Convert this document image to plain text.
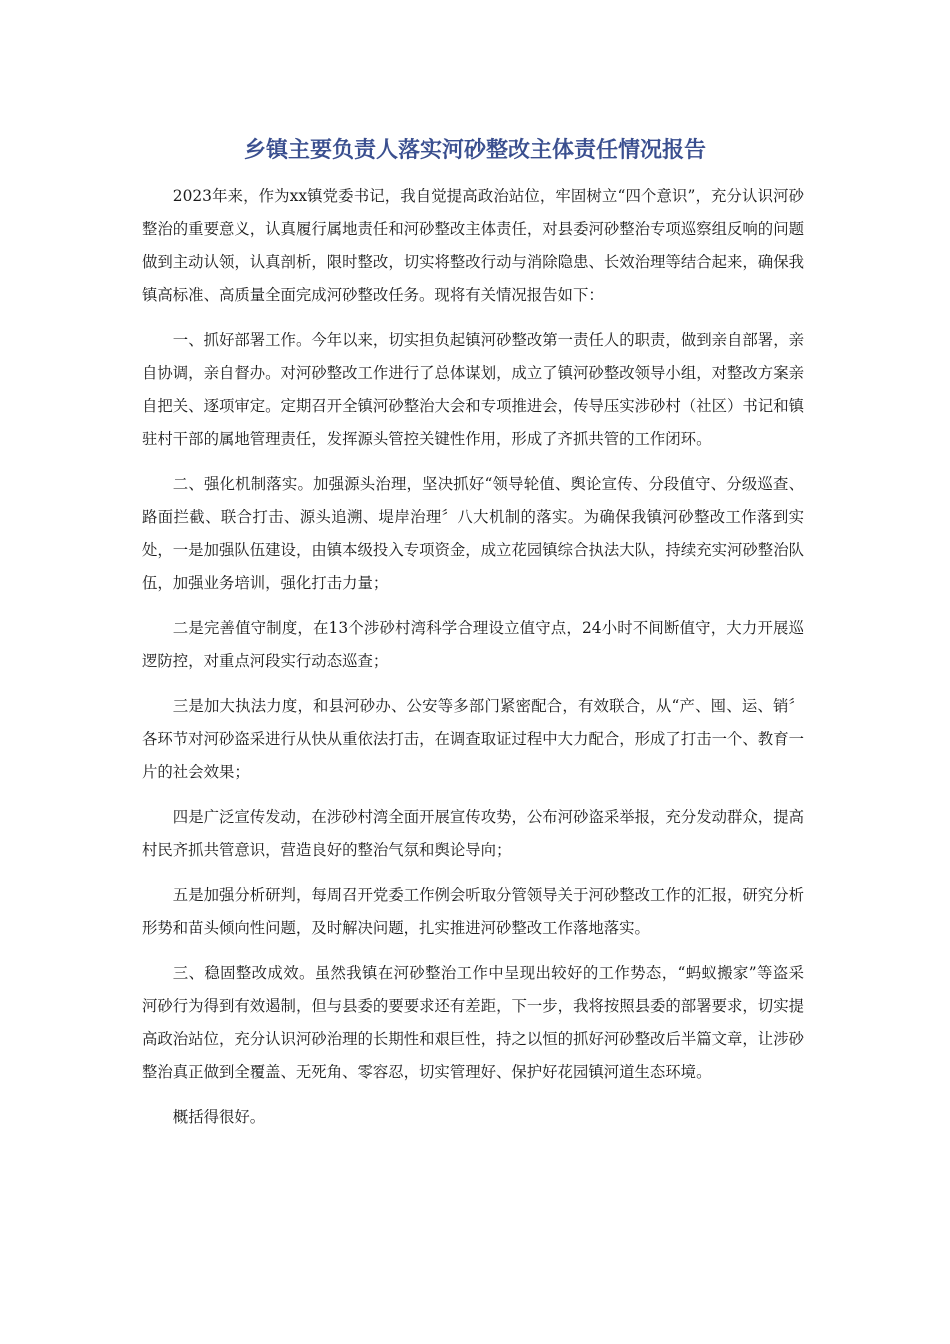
乡镇主要负责人落实河砂整改主体责任情况报告

2023年来，作为xx镇党委书记，我自觉提高政治站位，牢固树立“四个意识”，充分认识河砂整治的重要意义，认真履行属地责任和河砂整改主体责任，对县委河砂整治专项巡察组反响的问题做到主动认领，认真剖析，限时整改，切实将整改行动与消除隐患、长效治理等结合起来，确保我镇高标准、高质量全面完成河砂整改任务。现将有关情况报告如下：

一、抓好部署工作。今年以来，切实担负起镇河砂整改第一责任人的职责，做到亲自部署，亲自协调，亲自督办。对河砂整改工作进行了总体谋划，成立了镇河砂整改领导小组，对整改方案亲自把关、逐项审定。定期召开全镇河砂整治大会和专项推进会，传导压实涉砂村（社区）书记和镇驻村干部的属地管理责任，发挥源头管控关键性作用，形成了齐抓共管的工作闭环。

二、强化机制落实。加强源头治理，坚决抓好“领导轮值、舆论宣传、分段值守、分级巡查、路面拦截、联合打击、源头追溯、堤岸治理〞八大机制的落实。为确保我镇河砂整改工作落到实处，一是加强队伍建设，由镇本级投入专项资金，成立花园镇综合执法大队，持续充实河砂整治队伍，加强业务培训，强化打击力量；

二是完善值守制度，在13个涉砂村湾科学合理设立值守点，24小时不间断值守，大力开展巡逻防控，对重点河段实行动态巡查；

三是加大执法力度，和县河砂办、公安等多部门紧密配合，有效联合，从“产、囤、运、销〞各环节对河砂盗采进行从快从重依法打击，在调查取证过程中大力配合，形成了打击一个、教育一片的社会效果；

四是广泛宣传发动，在涉砂村湾全面开展宣传攻势，公布河砂盗采举报，充分发动群众，提高村民齐抓共管意识，营造良好的整治气氛和舆论导向；

五是加强分析研判，每周召开党委工作例会听取分管领导关于河砂整改工作的汇报，研究分析形势和苗头倾向性问题，及时解决问题，扎实推进河砂整改工作落地落实。

三、稳固整改成效。虽然我镇在河砂整治工作中呈现出较好的工作势态，“蚂蚁搬家”等盗采河砂行为得到有效遏制，但与县委的要要求还有差距，下一步，我将按照县委的部署要求，切实提高政治站位，充分认识河砂治理的长期性和艰巨性，持之以恒的抓好河砂整改后半篇文章，让涉砂整治真正做到全覆盖、无死角、零容忍，切实管理好、保护好花园镇河道生态环境。

概括得很好。
